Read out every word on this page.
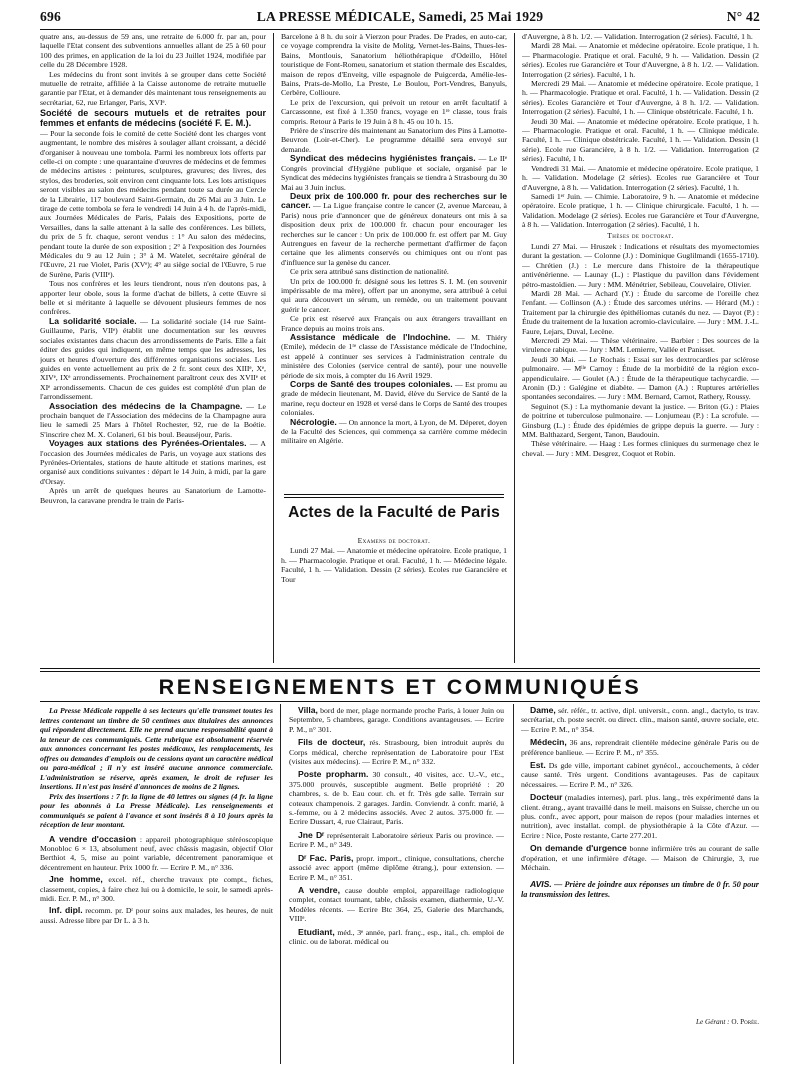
696	LA PRESSE MÉDICALE, Samedi, 25 Mai 1929	N° 42

quatre ans, au-dessus de 59 ans, une retraite de 6.000 fr. par an, pour laquelle l'Etat consent des subventions annuelles allant de 25 à 60 pour 100 des primes, en application de la loi du 23 Juillet 1924, modifiée par celle du 28 Décembre 1928.

Les médecins du front sont invités à se grouper dans cette Société mutuelle de retraite, affiliée à la Caisse autonome de retraite mutuelle garantie par l'Etat, et à demander dès maintenant tous renseignements au secrétariat, 62, rue Erlanger, Paris, XVIᵉ.

Société de secours mutuels et de retraites pour femmes et enfants de médecins (société F. E. M.).

— Pour la seconde fois le comité de cette Société dont les charges vont augmentant, le nombre des misères à soulager allant croissant, a décidé d'organiser à nouveau une tombola. Parmi les nombreux lots offerts par celle-ci on compte : une quarantaine d'œuvres de médecins et de femmes de médecins artistes : peintures, sculptures, gravures; des livres, des stylos, des broderies, soit environ cent cinquante lots. Les lots artistiques seront visibles au salon des médecins pendant toute sa durée au Cercle de la Librairie, 117 boulevard Saint-Germain, du 26 Mai au 3 Juin. Le tirage de cette tombola se fera le vendredi 14 Juin à 4 h. de l'après-midi, aux Journées Médicales de Paris, Palais des Expositions, porte de Versailles, dans la salle attenant à la salle des conférences. Les billets, du prix de 5 fr. chaque, seront vendus : 1° Au salon des médecins, pendant toute la durée de son exposition ; 2° à l'exposition des Journées Médicales du 9 au 12 Juin ; 3° à M. Watelet, secrétaire général de l'Œuvre, 21 rue Violet, Paris (XVᵉ); 4° au siège social de l'Œuvre, 5 rue de Surène, Paris (VIIIᵉ).

Tous nos confrères et les leurs tiendront, nous n'en doutons pas, à apporter leur obole, sous la forme d'achat de billets, à cette Œuvre si belle et si méritante à laquelle se dévouent plusieurs femmes de nos confrères.

La solidarité sociale. — La solidarité sociale (14 rue Saint-Guillaume, Paris, VIIᵉ) établit une documentation sur les œuvres sociales existantes dans chacun des arrondissements de Paris. Elle a fait éditer des guides qui indiquent, en même temps que les adresses, les jours et heures d'ouverture des différentes organisations sociales. Les guides en vente actuellement au prix de 2 fr. sont ceux des XIIIᵉ, Xᵉ, XIVᵉ, IXᵉ arrondissements. Prochainement paraîtront ceux des XVIIᵉ et XIᵉ arrondissements. Chacun de ces guides est complété d'un plan de l'arrondissement.

Association des médecins de la Champagne. — Le prochain banquet de l'Association des médecins de la Champagne aura lieu le samedi 25 Mars à l'hôtel Rochester, 92, rue de la Boétie. S'inscrire chez M. X. Colaneri, 61 bis boul. Beauséjour, Paris.

Voyages aux stations des Pyrénées-Orientales. — A l'occasion des Journées médicales de Paris, un voyage aux stations des Pyrénées-Orientales, stations de haute altitude et stations marines, est organisé aux conditions suivantes : départ le 14 Juin, à midi, par la gare d'Orsay.

Après un arrêt de quelques heures au Sanatorium de Lamotte-Beuvron, la caravane prendra le train de Paris-

Barcelone à 8 h. du soir à Vierzon pour Prades. De Prades, en auto-car, ce voyage comprendra la visite de Molitg, Vernet-les-Bains, Thues-les-Bains, Montlouis, Sanatorium héliothérapique d'Odeillo, Hôtel touristique de Font-Romeu, sanatorium et station thermale des Escaldes, maison de repos d'Enveitg, ville espagnole de Puigcerda, Amélie-les-Bains, Prats-de-Mollo, La Preste, Le Boulou, Port-Vendres, Banyuls, Cerbère, Collioure.

Le prix de l'excursion, qui prévoit un retour en arrêt facultatif à Carcassonne, est fixé à 1.350 francs, voyage en 1ʳᵉ classe, tous frais compris. Retour à Paris le 19 Juin à 8 h. 45 ou 10 h. 15.

Prière de s'inscrire dès maintenant au Sanatorium des Pins à Lamotte-Beuvron (Loir-et-Cher). Le programme détaillé sera envoyé sur demande.

Syndicat des médecins hygiénistes français. — Le IIᵉ Congrès provincial d'Hygiène publique et sociale, organisé par le Syndicat des médecins hygiénistes français se tiendra à Strasbourg du 30 Mai au 3 Juin inclus.

Deux prix de 100.000 fr. pour des recherches sur le cancer. — La Ligue française contre le cancer (2, avenue Marceau, à Paris) nous prie d'annoncer que de généreux donateurs ont mis à sa disposition deux prix de 100.000 fr. chacun pour encourager les recherches sur le cancer : Un prix de 100.000 fr. est offert par M. Guy Autrengues en faveur de la recherche permettant d'affirmer de façon certaine que les aliments conservés ou chimiques ont ou n'ont pas d'influence sur la genèse du cancer.

Ce prix sera attribué sans distinction de nationalité.

Un prix de 100.000 fr. désigné sous les lettres S. I. M. (en souvenir impérissable de ma mère), offert par un anonyme, sera attribué à celui qui aura découvert un sérum, un remède, ou un traitement pouvant guérir le cancer.

Ce prix est réservé aux Français ou aux étrangers travaillant en France depuis au moins trois ans.

Assistance médicale de l'Indochine. — M. Thiéry (Emile), médecin de 1ʳᵉ classe de l'Assistance médicale de l'Indochine, est appelé à continuer ses services à l'administration centrale du ministère des Colonies (service central de santé), pour une nouvelle période de six mois, à compter du 16 Avril 1929.

Corps de Santé des troupes coloniales. — Est promu au grade de médecin lieutenant, M. David, élève du Service de Santé de la marine, reçu docteur en 1928 et versé dans le Corps de Santé des troupes coloniales.

Nécrologie. — On annonce la mort, à Lyon, de M. Déperet, doyen de la Faculté des Sciences, qui commença sa carrière comme médecin militaire en Algérie.

Actes de la Faculté de Paris

Examens de doctorat.

Lundi 27 Mai. — Anatomie et médecine opératoire. Ecole pratique, 1 h. — Pharmacologie. Pratique et oral. Faculté, 1 h. — Médecine légale. Faculté, 1 h. — Validation. Dessin (2 séries). Ecoles rue Garancière et Tour

d'Auvergne, à 8 h. 1/2. — Validation. Interrogation (2 séries). Faculté, 1 h.

Mardi 28 Mai. — Anatomie et médecine opératoire. Ecole pratique, 1 h. — Pharmacologie. Pratique et oral. Faculté, 9 h. — Validation. Dessin (2 séries). Ecoles rue Garancière et Tour d'Auvergne, à 8 h. 1/2. — Validation. Interrogation (2 séries). Faculté, 1 h.

Mercredi 29 Mai. — Anatomie et médecine opératoire. Ecole pratique, 1 h. — Pharmacologie. Pratique et oral. Faculté, 1 h. — Validation. Dessin (2 séries). Ecoles Garancière et Tour d'Auvergne, à 8 h. 1/2. — Validation. Interrogation (2 séries). Faculté, 1 h. — Clinique obstétricale. Faculté, 1 h.

Jeudi 30 Mai. — Anatomie et médecine opératoire. Ecole pratique, 1 h. — Pharmacologie. Pratique et oral. Faculté, 1 h. — Clinique médicale. Faculté, 1 h. — Clinique obstétricale. Faculté, 1 h. — Validation. Dessin (1 série). Ecole rue Garancière, à 8 h. 1/2. — Validation. Interrogation (2 séries). Faculté, 1 h.

Vendredi 31 Mai. — Anatomie et médecine opératoire. Ecole pratique, 1 h. — Validation. Modelage (2 séries). Ecoles rue Garancière et Tour d'Auvergne, à 8 h. — Validation. Interrogation (2 séries). Faculté, 1 h.

Samedi 1ᵉʳ Juin. — Chimie. Laboratoire, 9 h. — Anatomie et médecine opératoire. Ecole pratique, 1 h. — Clinique chirurgicale. Faculté, 1 h. — Validation. Modelage (2 séries). Ecoles rue Garancière et Tour d'Auvergne, à 8 h. — Validation. Interrogation (2 séries). Faculté, 1 h.

Thèses de doctorat.

Lundi 27 Mai. — Hruszek : Indications et résultats des myomectomies durant la gestation. — Colonne (J.) : Dominique Guglilmandi (1655-1710). — Chrétien (J.) : Le mercure dans l'histoire de la thérapeutique antivénérienne. — Launay (L.) : Plastique du pavillon dans l'évidement pétro-mastoïdien. — Jury : MM. Ménétrier, Sebileau, Couvelaire, Olivier.

Mardi 28 Mai. — Achard (Y.) : Étude du sarcome de l'oreille chez l'enfant. — Collinson (A.) : Étude des sarcomes utérins. — Hérard (M.) : Traitement par la chirurgie des épithéliomas cutanés du nez. — Dayot (P.) : Étude du traitement de la luxation acromio-claviculaire. — Jury : MM. J.-L. Faure, Lejars, Duval, Lecène.

Mercredi 29 Mai. — Thèse vétérinaire. — Barbier : Des sources de la virulence rabique. — Jury : MM. Lemierre, Vallée et Panisset.

Jeudi 30 Mai. — Le Rochais : Essai sur les dextrocardies par sclérose pulmonaire. — Mˡˡᵉ Carnoy : Étude de la morbidité de la région exco-appendiculaire. — Goulet (A.) : Étude de la thérapeutique tachycardie. — Aronin (D.) : Galégine et diabète. — Damon (A.) : Ruptures artérielles spontanées secondaires. — Jury : MM. Bernard, Carnot, Rathery, Roussy.

Seguinot (S.) : La mythomanie devant la justice. — Briton (G.) : Plaies de poitrine et tuberculose pulmonaire. — Lonjumeau (P.) : La scrofule. — Ginsburg (L.) : Étude des épidémies de grippe depuis la guerre. — Jury : MM. Balthazard, Sergent, Tanon, Baudouin.

Thèse vétérinaire. — Haag : Les formes cliniques du surmenage chez le cheval. — Jury : MM. Desgrez, Coquot et Robin.

RENSEIGNEMENTS ET COMMUNIQUÉS

La Presse Médicale rappelle à ses lecteurs qu'elle transmet toutes les lettres contenant un timbre de 50 centimes aux titulaires des annonces qui répondent directement. Elle ne prend aucune responsabilité quant à la teneur de ces communiqués. Cette rubrique est absolument réservée aux annonces concernant les postes médicaux, les remplacements, les offres ou demandes d'emplois ou de cessions ayant un caractère médical ou para-médical ; il n'y est inséré aucune annonce commerciale. L'administration se réserve, après examen, le droit de refuser les insertions. Il n'est pas inséré d'annonces de moins de 2 lignes.

Prix des insertions : 7 fr. la ligne de 40 lettres ou signes (4 fr. la ligne pour les abonnés à La Presse Médicale). Les renseignements et communiqués se paient à l'avance et sont insérés 8 à 10 jours après la réception de leur montant.

A vendre d'occasion : appareil photographique stéréoscopique Monobloc 6 × 13, absolument neuf, avec châssis magasin, objectif Olor Berthiot 4, 5, mise au point variable, décentrement panoramique et décentrement en hauteur. Prix 1000 fr. — Ecrire P. M., n° 336.

Jne homme, excel. réf., cherche travaux pte compt., fiches, classement, copies, à faire chez lui ou à domicile, le soir, le samedi après-midi. Ecr. P. M., n° 300.

Inf. dipl. recomm. pr. Dʳ pour soins aux malades, les heures, de nuit aussi. Adresse libre par Dr L. à 3 h.

Villa, bord de mer, plage normande proche Paris, à louer Juin ou Septembre, 5 chambres, garage. Conditions avantageuses. — Ecrire P. M., n° 301.

Fils de docteur, rés. Strasbourg, bien introduit auprès du Corps médical, cherche représentation de Laboratoire pour l'Est (visites aux médecins). — Ecrire P. M., n° 332.

Poste propharm. 30 consult., 40 visites, acc. U.-V., etc., 375.000 prouvés, susceptible augment. Belle propriété : 20 chambres, s. de b. Eau cour. ch. et fr. Très gde salle. Terrain sur coteaux champenois. 2 garages. Jardin. Conviendr. à confr. marié, à s.-femme, ou à 2 médecins associés. Avec 2 autos. 375.000 fr. — Ecrire Dussart, 4, rue Clairaut, Paris.

Jne Dʳ représenterait Laboratoire sérieux Paris ou province. — Ecrire P. M., n° 349.

Dʳ Fac. Paris, propr. import., clinique, consultations, cherche associé avec apport (même diplôme étrang.), pour extension. — Ecrire P. M., n° 351.

A vendre, cause double emploi, appareillage radiologique complet, contact tournant, table, châssis examen, diathermie, U.-V. Modèles récents. — Ecrire Btc 364, 25, Galerie des Marchands, VIIIᵉ.

Etudiant, méd., 3ᵉ année, parl. franç., esp., ital., ch. emploi de clinic. ou de laborat. médical ou

Dame, sér. référ., tr. active, dipl. universit., conn. angl., dactylo, ts trav. secrétariat, ch. poste secrét. ou direct. clin., maison santé, œuvre sociale, etc. — Ecrire P. M., n° 354.

Médecin, 36 ans, reprendrait clientèle médecine générale Paris ou de préférence banlieue. — Ecrire P. M., n° 355.

Est. Ds gde ville, important cabinet gynécol., accouchements, à céder cause santé. Très urgent. Conditions avantageuses. Pas de capitaux nécessaires. — Ecrire P. M., n° 326.

Docteur (maladies internes), parl. plus. lang., très expérimenté dans la client. étrang., ayant travaillé dans le meil. maisons en Suisse, cherche un ou plus. confr., avec apport, pour maison de repos (pour maladies internes et nutrition), avec installat. compl. de physiothérapie à la Côte d'Azur. — Ecrire : Nice, Poste restante, Carte 277.201.

On demande d'urgence bonne infirmière très au courant de salle d'opération, et une infirmière d'étage. — Maison de Chirurgie, 3, rue Méchain.

AVIS. — Prière de joindre aux réponses un timbre de 0 fr. 50 pour la transmission des lettres.

Le Gérant : O. Porée.
